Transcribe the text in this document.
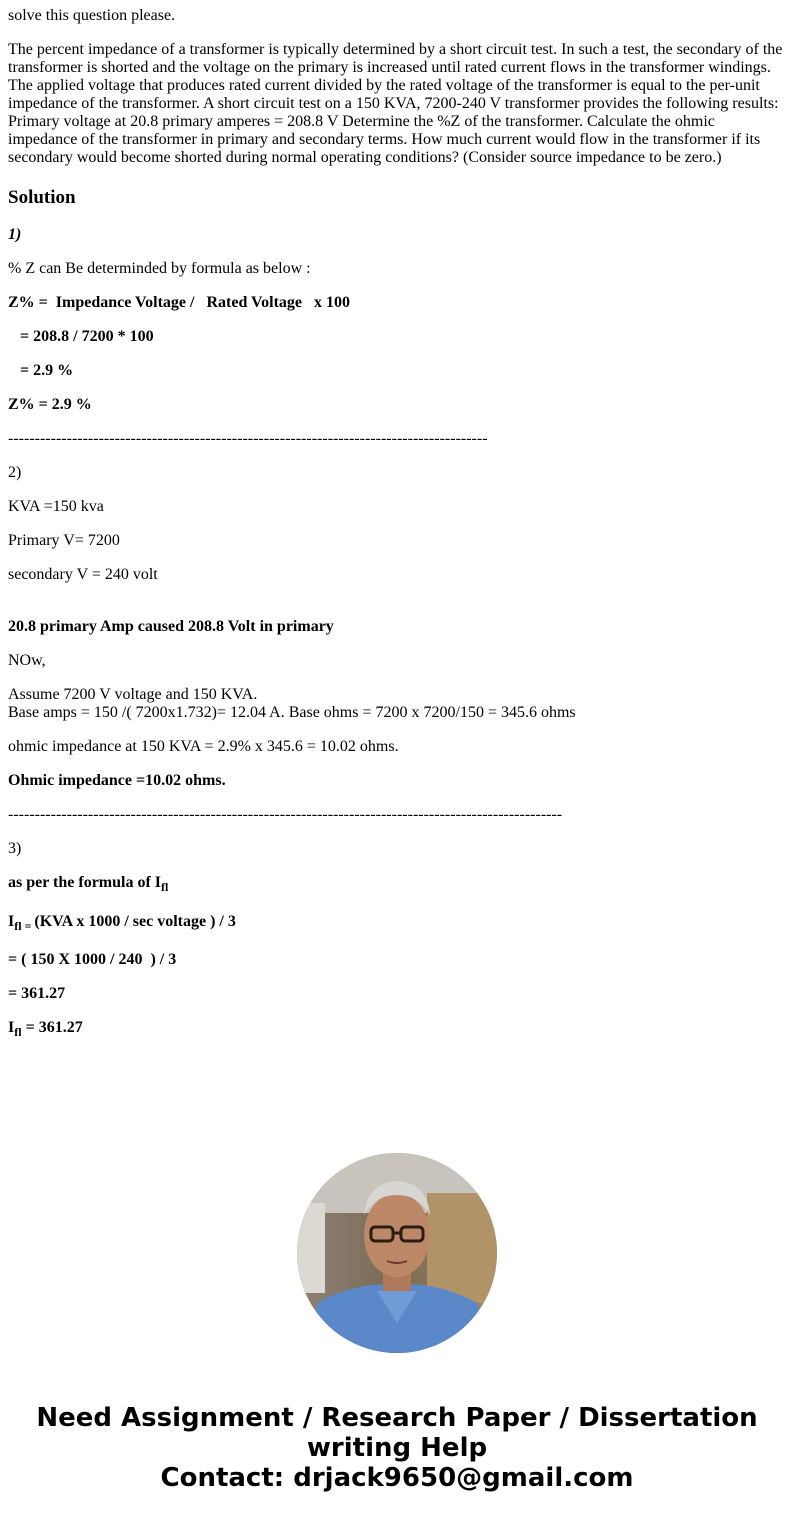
solve this question please.

The percent impedance of a transformer is typically determined by a short circuit test. In such a test, the secondary of the transformer is shorted and the voltage on the primary is increased until rated current flows in the transformer windings. The applied voltage that produces rated current divided by the rated voltage of the transformer is equal to the per-unit impedance of the transformer. A short circuit test on a 150 KVA, 7200-240 V transformer provides the following results: Primary voltage at 20.8 primary amperes = 208.8 V Determine the %Z of the transformer. Calculate the ohmic impedance of the transformer in primary and secondary terms. How much current would flow in the transformer if its secondary would become shorted during normal operating conditions? (Consider source impedance to be zero.)

Solution

1)

% Z can Be determinded by formula as below :

Z% =  Impedance Voltage /   Rated Voltage   x 100

= 208.8 / 7200 * 100

= 2.9 %

Z% = 2.9 %

------------------------------------------------------------------------------------------

2)

KVA =150 kva

Primary V= 7200

secondary V = 240 volt

20.8 primary Amp caused 208.8 Volt in primary

NOw,

Assume 7200 V voltage and 150 KVA.

Base amps = 150 /( 7200x1.732)= 12.04 A. Base ohms = 7200 x 7200/150 = 345.6 ohms

ohmic impedance at 150 KVA = 2.9% x 345.6 = 10.02 ohms.

Ohmic impedance =10.02 ohms.

--------------------------------------------------------------------------------------------------------

3)

as per the formula of $I_{fl}$

$I_{fl =}$ (KVA x 1000 / sec voltage ) / 3

= ( 150 X 1000 / 240  ) / 3

= 361.27

$I_{fl} = 361.27$

Need Assignment / Research Paper / Dissertation
writing Help
Contact: drjack9650@gmail.com
